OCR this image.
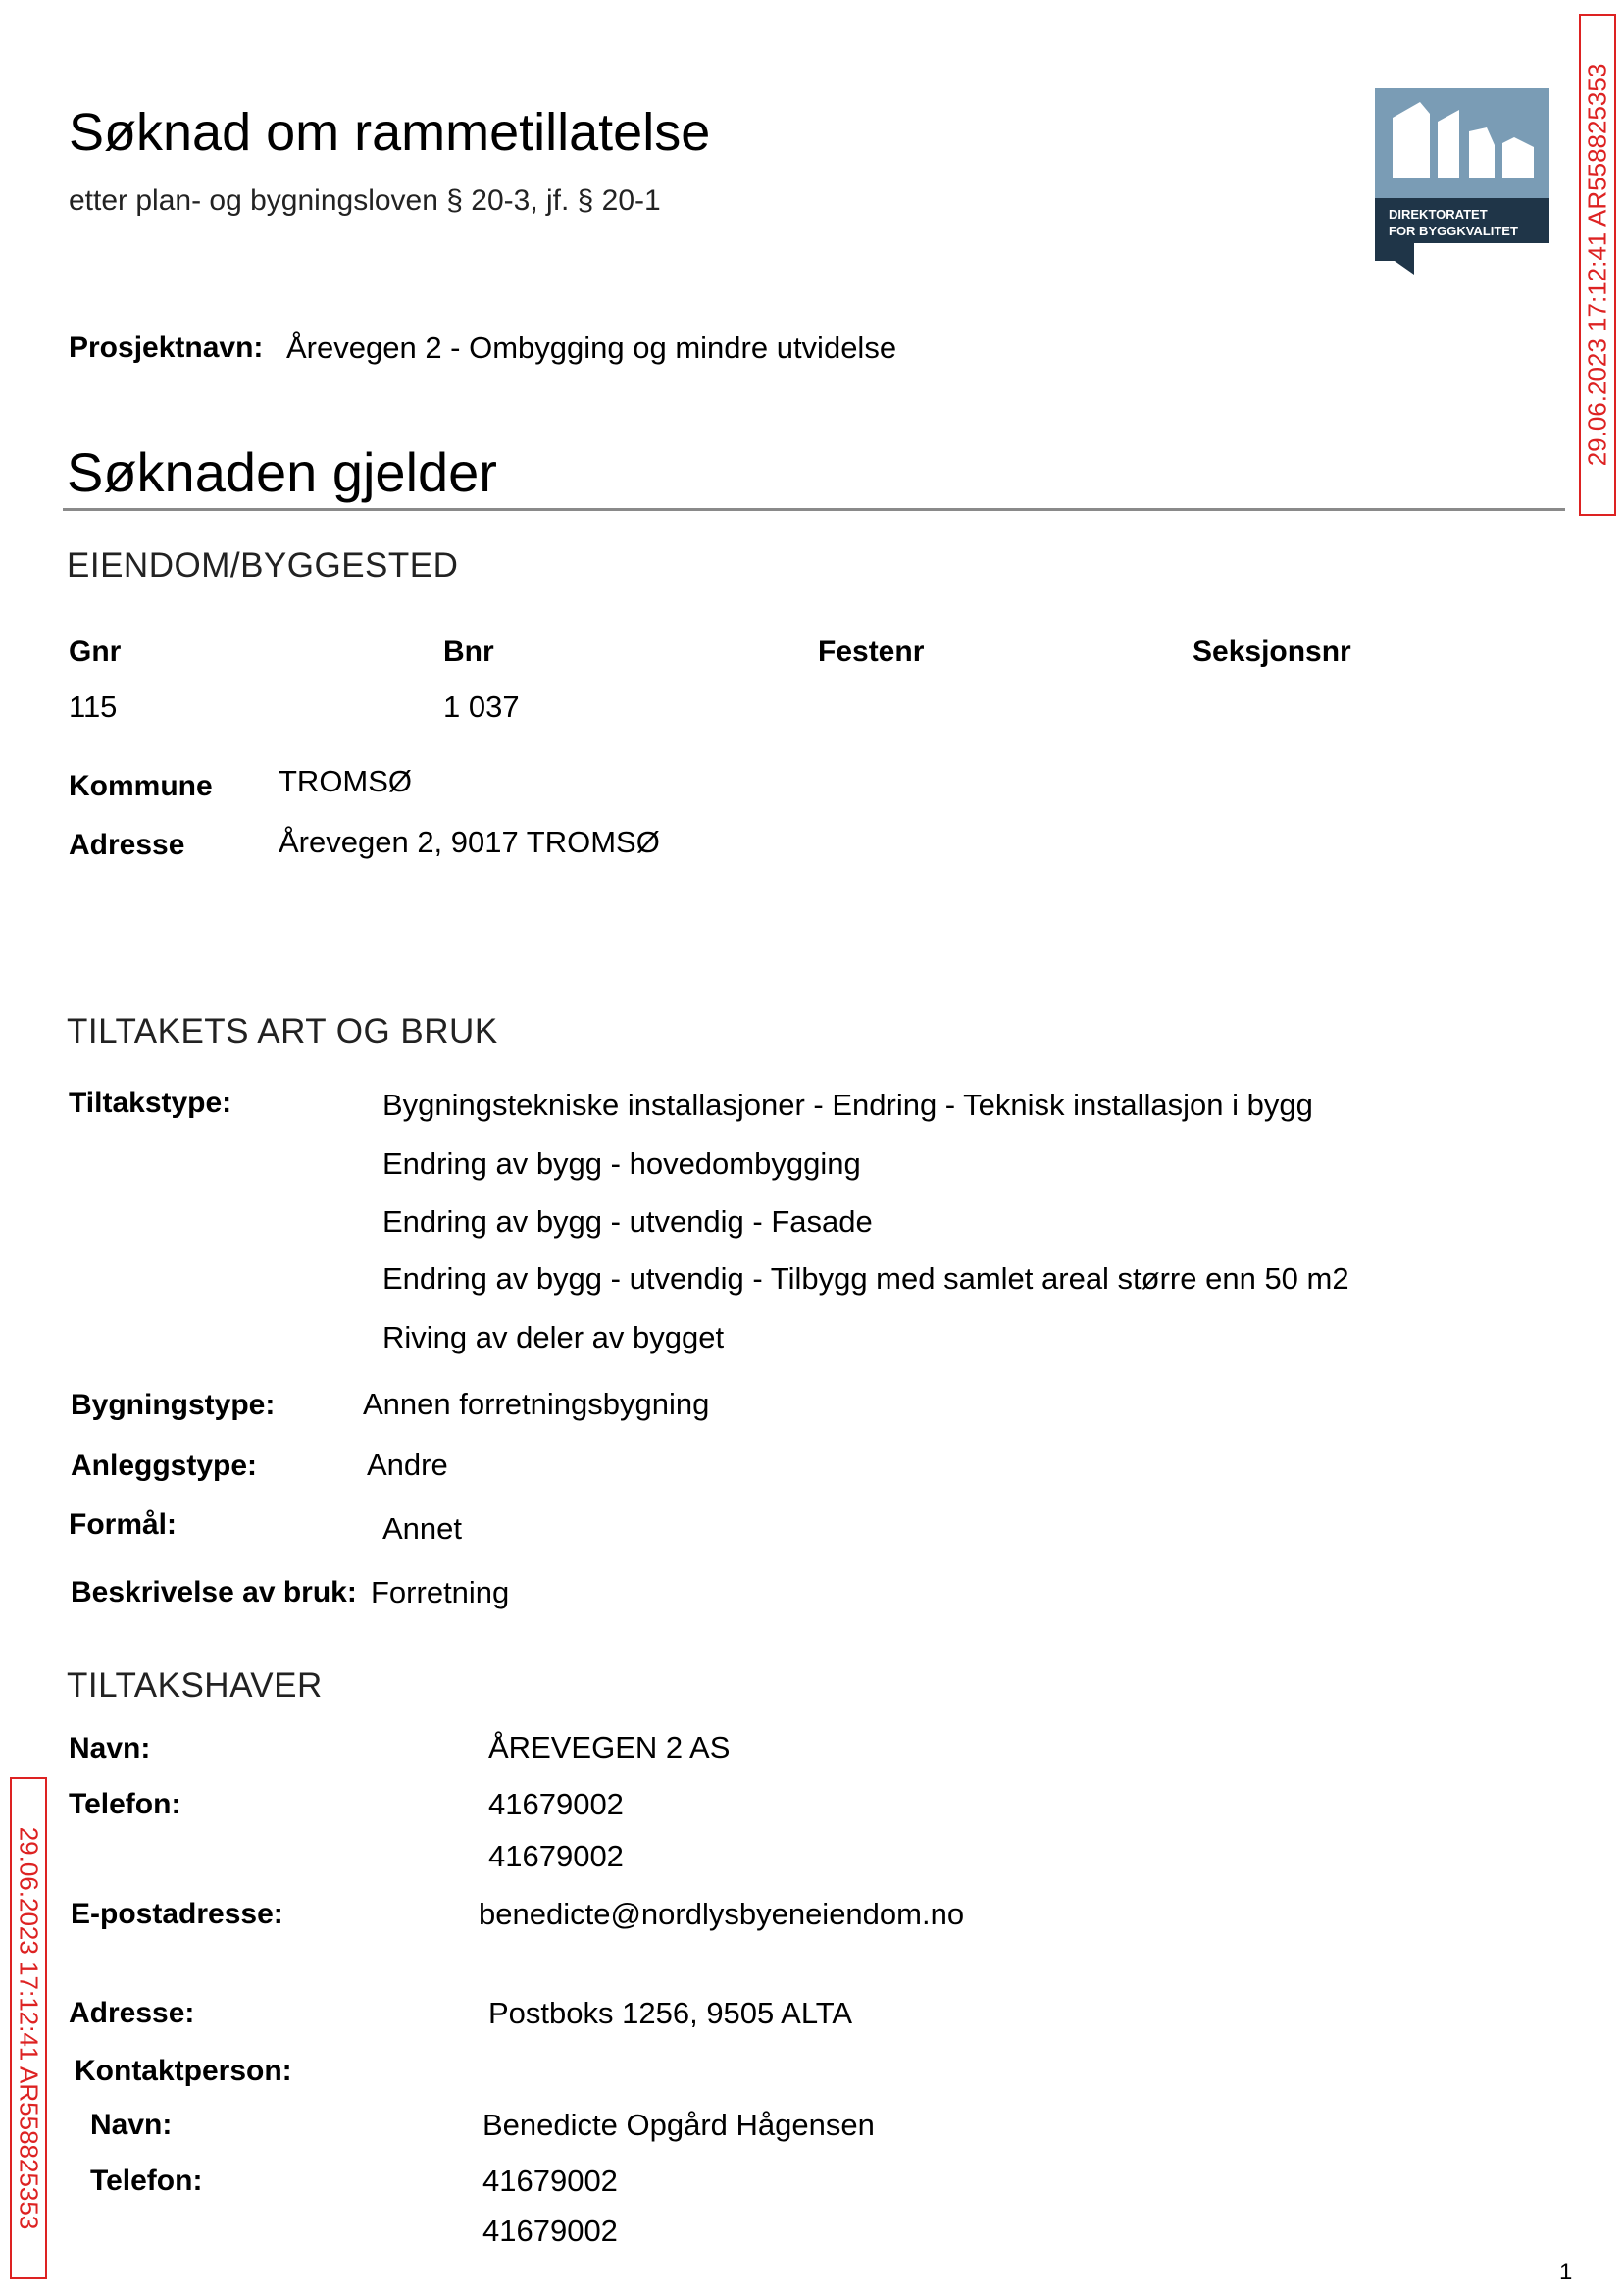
29.06.2023 17:12:41 AR558825353
29.06.2023 17:12:41 AR558825353
Søknad om rammetillatelse
etter plan- og bygningsloven § 20-3, jf. § 20-1	DIREKTORATET
FOR BYGGKVALITET
Prosjektnavn: Årevegen 2 - Ombygging og mindre utvidelse
Søknaden gjelder
EIENDOM/BYGGESTED
Gnr	Bnr	Festenr	Seksjonsnr
115	1 037
Kommune TROMSØ
Adresse	Årevegen 2, 9017 TROMSØ
TILTAKETS ART OG BRUK
Tiltakstype:	Bygningstekniske installasjoner - Endring - Teknisk installasjon i bygg
Endring av bygg - hovedombygging
Endring av bygg - utvendig - Fasade
Endring av bygg - utvendig - Tilbygg med samlet areal større enn 50 m2
Riving av deler av bygget
Bygningstype:	Annen forretningsbygning
Anleggstype:	Andre
Formål:	Annet
Beskrivelse av bruk: Forretning
TILTAKSHAVER
Navn:	ÅREVEGEN 2 AS
Telefon:	41679002
41679002
E-postadresse:	benedicte@nordlysbyeneiendom.no
Adresse:	Postboks 1256, 9505 ALTA
Kontaktperson:
Navn:	Benedicte Opgård Hågensen
Telefon:	41679002
41679002
1
